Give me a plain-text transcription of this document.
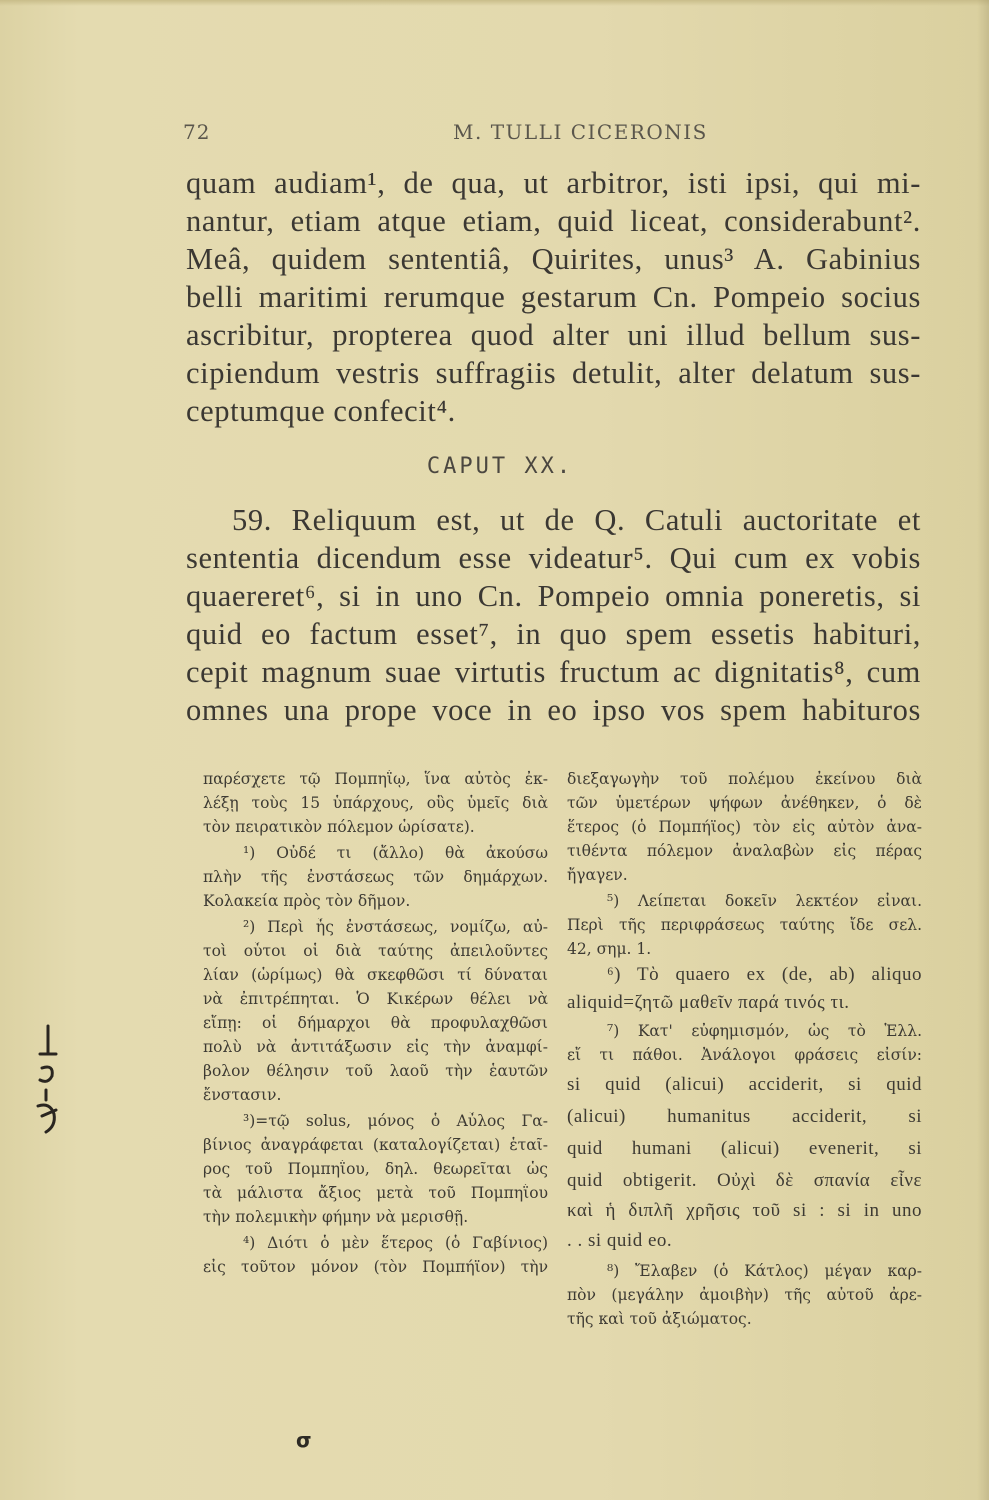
72	M. TULLI CICERONIS
quam audiam¹, de qua, ut arbitror, isti ipsi, qui mi-
nantur, etiam atque etiam, quid liceat, considerabunt².
Meâ, quidem sententiâ, Quirites, unus³ A. Gabinius
belli maritimi rerumque gestarum Cn. Pompeio socius
ascribitur, propterea quod alter uni illud bellum sus-
cipiendum vestris suffragiis detulit, alter delatum sus-
ceptumque confecit⁴.
CAPUT XX.
59. Reliquum est, ut de Q. Catuli auctoritate et
sententia dicendum esse videatur⁵. Qui cum ex vobis
quaereret⁶, si in uno Cn. Pompeio omnia poneretis, si
quid eo factum esset⁷, in quo spem essetis habituri,
cepit magnum suae virtutis fructum ac dignitatis⁸, cum
omnes una prope voce in eo ipso vos spem habituros
παρέσχετε τῷ Πομπηΐῳ, ἵνα αὐτὸς ἐκ-
λέξῃ τοὺς 15 ὑπάρχους, οὓς ὑμεῖς διὰ
τὸν πειρατικὸν πόλεμον ὡρίσατε).
¹) Οὐδέ τι (ἄλλο) θὰ ἀκούσω
πλὴν τῆς ἐνστάσεως τῶν δημάρχων.
Κολακεία πρὸς τὸν δῆμον.
²) Περὶ ἧς ἐνστάσεως, νομίζω, αὐ-
τοὶ οὗτοι οἱ διὰ ταύτης ἀπειλοῦντες
λίαν (ὡρίμως) θὰ σκεφθῶσι τί δύναται
νὰ ἐπιτρέπηται. Ὁ Κικέρων θέλει νὰ
εἴπῃ: οἱ δήμαρχοι θὰ προφυλαχθῶσι
πολὺ νὰ ἀντιτάξωσιν εἰς τὴν ἀναμφί-
βολον θέλησιν τοῦ λαοῦ τὴν ἑαυτῶν
ἔνστασιν.
³)=τῷ solus, μόνος ὁ Αὖλος Γα-
βίνιος ἀναγράφεται (καταλογίζεται) ἑταῖ-
ρος τοῦ Πομπηΐου, δηλ. θεωρεῖται ὡς
τὰ μάλιστα ἄξιος μετὰ τοῦ Πομπηΐου
τὴν πολεμικὴν φήμην νὰ μερισθῇ.
⁴) Διότι ὁ μὲν ἕτερος (ὁ Γαβίνιος)
εἰς τοῦτον μόνον (τὸν Πομπήϊον) τὴν
διεξαγωγὴν τοῦ πολέμου ἐκείνου διὰ
τῶν ὑμετέρων ψήφων ἀνέθηκεν, ὁ δὲ
ἕτερος (ὁ Πομπήϊος) τὸν εἰς αὐτὸν ἀνα-
τιθέντα πόλεμον ἀναλαβὼν εἰς πέρας
ἤγαγεν.
⁵) Λείπεται δοκεῖν λεκτέον εἶναι.
Περὶ τῆς περιφράσεως ταύτης ἴδε σελ.
42, σημ. 1.
⁶) Τὸ quaero ex (de, ab) aliquo
aliquid=ζητῶ μαθεῖν παρά τινός τι.
⁷) Κατ' εὐφημισμόν, ὡς τὸ Ἑλλ.
εἴ τι πάθοι. Ἀνάλογοι φράσεις εἰσίν:
si quid (alicui) acciderit, si quid
(alicui) humanitus acciderit, si
quid humani (alicui) evenerit, si
quid obtigerit. Οὐχὶ δὲ σπανία εἶνε
καὶ ἡ διπλῆ χρῆσις τοῦ si : si in uno
. . si quid eo.
⁸) Ἔλαβεν (ὁ Κάτλος) μέγαν καρ-
πὸν (μεγάλην ἀμοιβὴν) τῆς αὐτοῦ ἀρε-
τῆς καὶ τοῦ ἀξιώματος.
σ
